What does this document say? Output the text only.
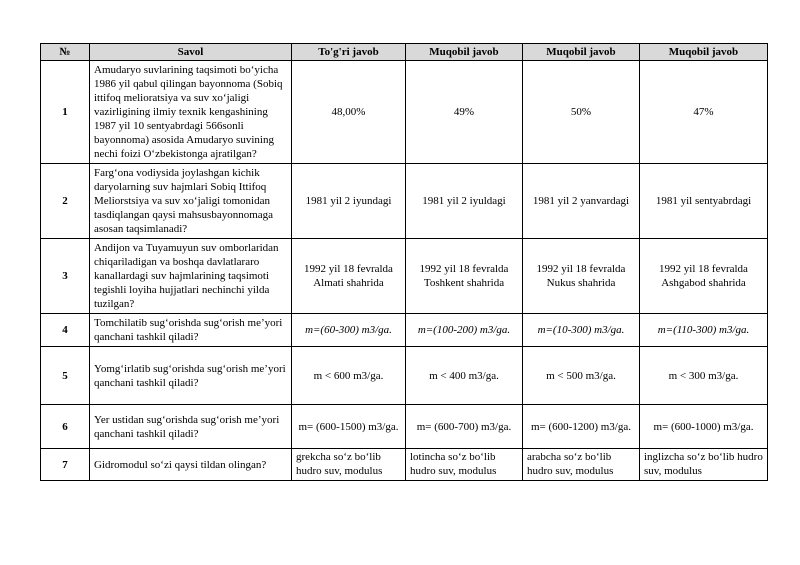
№	Savol	To'g'ri javob	Muqobil javob	Muqobil javob	Muqobil javob
1	Amudaryo suvlarining taqsimoti bo‘yicha 1986 yil qabul qilingan bayonnoma (Sobiq ittifoq melioratsiya va suv xo‘jaligi vazirligining ilmiy texnik kengashining 1987 yil 10 sentyabrdagi 566sonli bayonnoma) asosida Amudaryo suvining nechi foizi O‘zbekistonga ajratilgan?	48,00%	49%	50%	47%
2	Farg‘ona vodiysida joylashgan kichik daryolarning suv hajmlari Sobiq Ittifoq Meliorstsiya va suv xo‘jaligi tomonidan tasdiqlangan qaysi mahsusbayonnomaga asosan taqsimlanadi?	1981 yil 2 iyundagi	1981 yil 2 iyuldagi	1981 yil 2 yanvardagi	1981 yil sentyabrdagi
3	Andijon va Tuyamuyun suv omborlaridan chiqariladigan va boshqa davlatlararo kanallardagi suv hajmlarining taqsimoti tegishli loyiha hujjatlari nechinchi yilda tuzilgan?	1992 yil 18 fevralda Almati shahrida	1992 yil 18 fevralda Toshkent shahrida	1992 yil 18 fevralda Nukus shahrida	1992 yil 18 fevralda Ashgabod shahrida
4	Tomchilatib sug‘orishda sug‘orish me’yori qanchani tashkil qiladi?	m=(60-300) m3/ga.	m=(100-200) m3/ga.	m=(10-300) m3/ga.	m=(110-300) m3/ga.
5	Yomg‘irlatib sug‘orishda sug‘orish me’yori qanchani tashkil qiladi?	m < 600 m3/ga.	m < 400 m3/ga.	m < 500 m3/ga.	m < 300 m3/ga.
6	Yer ustidan sug‘orishda sug‘orish me’yori qanchani tashkil qiladi?	m= (600-1500) m3/ga.	m= (600-700) m3/ga.	m= (600-1200) m3/ga.	m= (600-1000) m3/ga.
7	Gidromodul so‘zi qaysi tildan olingan?	grekcha so‘z bo‘lib hudro suv, modulus	lotincha so‘z bo‘lib hudro suv, modulus	arabcha so‘z bo‘lib hudro suv, modulus	inglizcha so‘z bo‘lib hudro suv, modulus
